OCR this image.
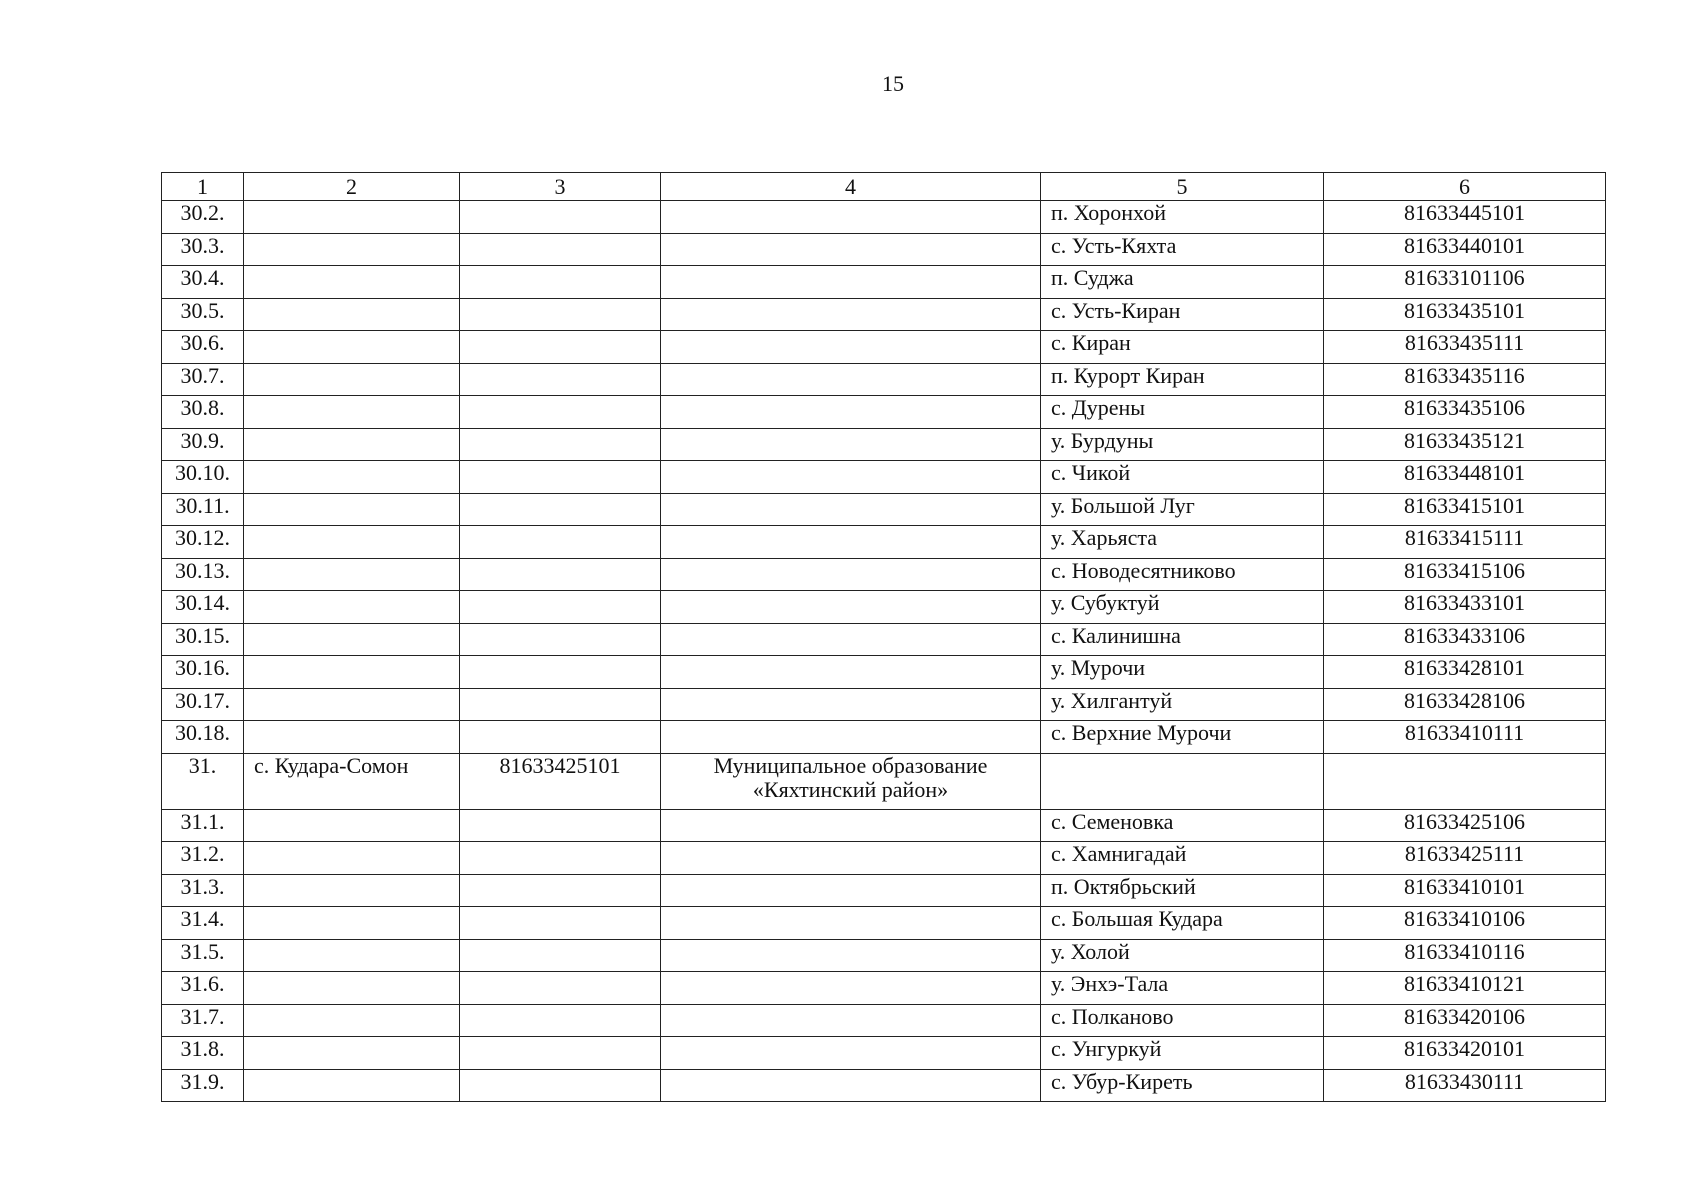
15
1	2	3	4	5	6
30.2.				п. Хоронхой	81633445101
30.3.				с. Усть-Кяхта	81633440101
30.4.				п. Суджа	81633101106
30.5.				с. Усть-Киран	81633435101
30.6.				с. Киран	81633435111
30.7.				п. Курорт Киран	81633435116
30.8.				с. Дурены	81633435106
30.9.				у. Бурдуны	81633435121
30.10.				с. Чикой	81633448101
30.11.				у. Большой Луг	81633415101
30.12.				у. Харьяста	81633415111
30.13.				с. Новодесятниково	81633415106
30.14.				у. Субуктуй	81633433101
30.15.				с. Калинишна	81633433106
30.16.				у. Мурочи	81633428101
30.17.				у. Хилгантуй	81633428106
30.18.				с. Верхние Мурочи	81633410111
31.	с. Кудара-Сомон	81633425101	Муниципальное образование
«Кяхтинский район»		

31.1.				с. Семеновка	81633425106
31.2.				с. Хамнигадай	81633425111
31.3.				п. Октябрьский	81633410101
31.4.				с. Большая Кудара	81633410106
31.5.				у. Холой	81633410116
31.6.				у. Энхэ-Тала	81633410121
31.7.				с. Полканово	81633420106
31.8.				с. Унгуркуй	81633420101
31.9.				с. Убур-Киреть	81633430111
